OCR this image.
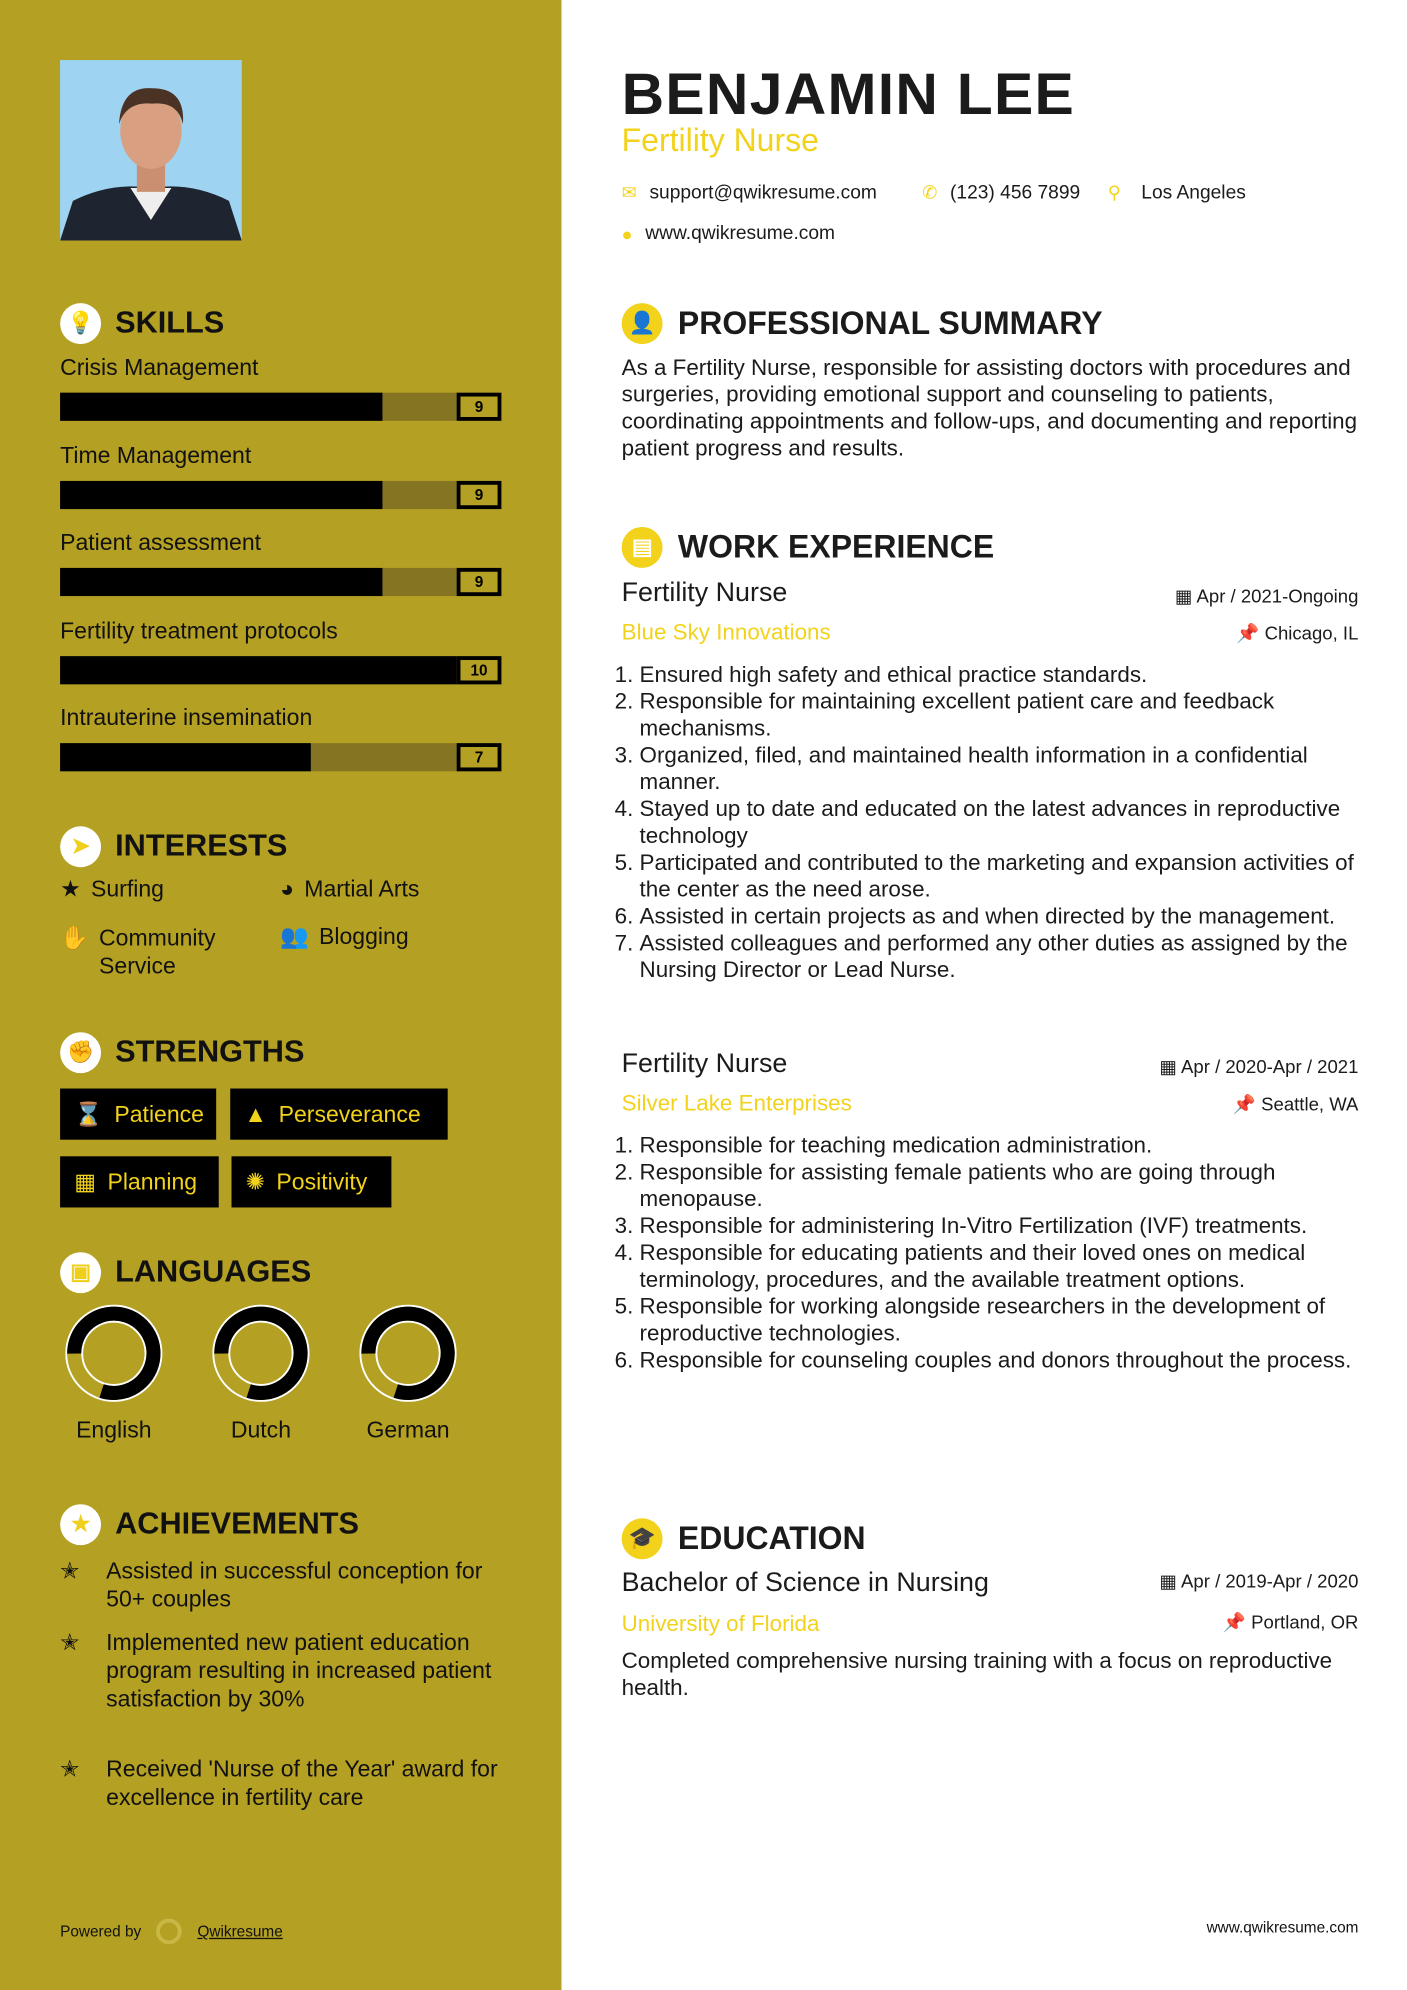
💡 SKILLS
Crisis Management
9
Time Management
9
Patient assessment
9
Fertility treatment protocols
10
Intrauterine insemination
7
➤	INTERESTS
★ Surfing	◕ Martial Arts
✋ Community Service
👥 Blogging
✊ STRENGTHS
⌛ Patience ▲ Perseverance
▦ Planning	✺ Positivity
▣	LANGUAGES
English	Dutch	German
★	ACHIEVEMENTS
✭	Assisted in successful conception for 50+ couples
✭	Implemented new patient education program resulting in increased patient satisfaction by 30%
✭	Received 'Nurse of the Year' award for excellence in fertility care
Powered by	Qwikresume
BENJAMIN LEE
Fertility Nurse
✉ support@qwikresume.com	✆ (123) 456 7899 ⚲ Los Angeles
● www.qwikresume.com
👤 PROFESSIONAL SUMMARY
As a Fertility Nurse, responsible for assisting doctors with procedures and surgeries, providing emotional support and counseling to patients, coordinating appointments and follow-ups, and documenting and reporting patient progress and results.
▤	WORK EXPERIENCE
Fertility Nurse
Blue Sky Innovations
▦ Apr / 2021-Ongoing
📌 Chicago, IL
1. Ensured high safety and ethical practice standards.
2. Responsible for maintaining excellent patient care and feedback mechanisms.
3. Organized, filed, and maintained health information in a confidential manner.
4. Stayed up to date and educated on the latest advances in reproductive technology
5. Participated and contributed to the marketing and expansion activities of the center as the need arose.
6. Assisted in certain projects as and when directed by the management.
7. Assisted colleagues and performed any other duties as assigned by the Nursing Director or Lead Nurse.
Fertility Nurse
Silver Lake Enterprises
▦ Apr / 2020-Apr / 2021
📌 Seattle, WA
1. Responsible for teaching medication administration.
2. Responsible for assisting female patients who are going through menopause.
3. Responsible for administering In-Vitro Fertilization (IVF) treatments.
4. Responsible for educating patients and their loved ones on medical terminology, procedures, and the available treatment options.
5. Responsible for working alongside researchers in the development of reproductive technologies.
6. Responsible for counseling couples and donors throughout the process.
🎓 EDUCATION
Bachelor of Science in Nursing
University of Florida
▦ Apr / 2019-Apr / 2020
📌 Portland, OR
Completed comprehensive nursing training with a focus on reproductive health.
www.qwikresume.com
